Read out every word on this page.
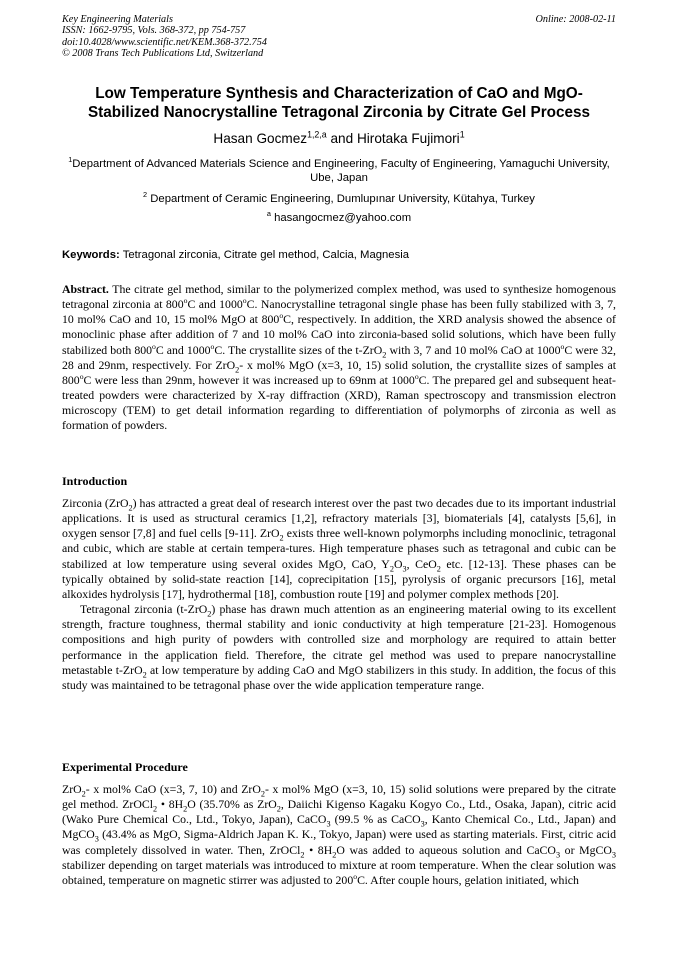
Key Engineering Materials
ISSN: 1662-9795, Vols. 368-372, pp 754-757
doi:10.4028/www.scientific.net/KEM.368-372.754
© 2008 Trans Tech Publications Ltd, Switzerland
Online: 2008-02-11
Low Temperature Synthesis and Characterization of CaO and MgO-Stabilized Nanocrystalline Tetragonal Zirconia by Citrate Gel Process
Hasan Gocmez$^{1,2,a}$ and Hirotaka Fujimori$^1$
$^1$Department of Advanced Materials Science and Engineering, Faculty of Engineering, Yamaguchi University, Ube, Japan
$^2$ Department of Ceramic Engineering, Dumlupınar University, Kütahya, Turkey
$^a$ hasangocmez@yahoo.com
Keywords: Tetragonal zirconia, Citrate gel method, Calcia, Magnesia

Abstract. The citrate gel method, similar to the polymerized complex method, was used to synthesize homogenous tetragonal zirconia at 800$^o$C and 1000$^o$C. Nanocrystalline tetragonal single phase has been fully stabilized with 3, 7, 10 mol% CaO and 10, 15 mol% MgO at 800$^o$C, respectively. In addition, the XRD analysis showed the absence of monoclinic phase after addition of 7 and 10 mol% CaO into zirconia-based solid solutions, which have been fully stabilized both 800$^o$C and 1000$^o$C. The crystallite sizes of the t-ZrO$_2$ with 3, 7 and 10 mol% CaO at 1000$^o$C were 32, 28 and 29nm, respectively. For ZrO$_2$- x mol% MgO (x=3, 10, 15) solid solution, the crystallite sizes of samples at 800$^o$C were less than 29nm, however it was increased up to 69nm at 1000$^o$C. The prepared gel and subsequent heat-treated powders were characterized by X-ray diffraction (XRD), Raman spectroscopy and transmission electron microscopy (TEM) to get detail information regarding to differentiation of polymorphs of zirconia as well as formation of powders.

Introduction

Zirconia (ZrO$_2$) has attracted a great deal of research interest over the past two decades due to its important industrial applications. It is used as structural ceramics [1,2], refractory materials [3], biomaterials [4], catalysts [5,6], in oxygen sensor [7,8] and fuel cells [9-11]. ZrO$_2$ exists three well-known polymorphs including monoclinic, tetragonal and cubic, which are stable at certain tempera-tures. High temperature phases such as tetragonal and cubic can be stabilized at low temperature using several oxides MgO, CaO, $Y_2O_3$, CeO$_2$ etc. [12-13]. These phases can be typically obtained by solid-state reaction [14], coprecipitation [15], pyrolysis of organic precursors [16], metal alkoxides hydrolysis [17], hydrothermal [18], combustion route [19] and polymer complex methods [20].

Tetragonal zirconia (t-ZrO$_2$) phase has drawn much attention as an engineering material owing to its excellent strength, fracture toughness, thermal stability and ionic conductivity at high temperature [21-23]. Homogenous compositions and high purity of powders with controlled size and morphology are required to attain better performance in the application field. Therefore, the citrate gel method was used to prepare nanocrystalline metastable t-ZrO$_2$ at low temperature by adding CaO and MgO stabilizers in this study. In addition, the focus of this study was maintained to be tetragonal phase over the wide application temperature range.

Experimental Procedure

ZrO$_2$- x mol% CaO (x=3, 7, 10) and ZrO$_2$- x mol% MgO (x=3, 10, 15) solid solutions were prepared by the citrate gel method. ZrOCl$_2$ • $8H_2O$ (35.70% as ZrO$_2$, Daiichi Kigenso Kagaku Kogyo Co., Ltd., Osaka, Japan), citric acid (Wako Pure Chemical Co., Ltd., Tokyo, Japan), CaCO$_3$ (99.5 % as CaCO$_3$, Kanto Chemical Co., Ltd., Japan) and MgCO$_3$ (43.4% as MgO, Sigma-Aldrich Japan K. K., Tokyo, Japan) were used as starting materials. First, citric acid was completely dissolved in water. Then, ZrOCl$_2$ • $8H_2O$ was added to aqueous solution and CaCO$_3$ or MgCO$_3$ stabilizer depending on target materials was introduced to mixture at room temperature. When the clear solution was obtained, temperature on magnetic stirrer was adjusted to 200$^o$C. After couple hours, gelation initiated, which
